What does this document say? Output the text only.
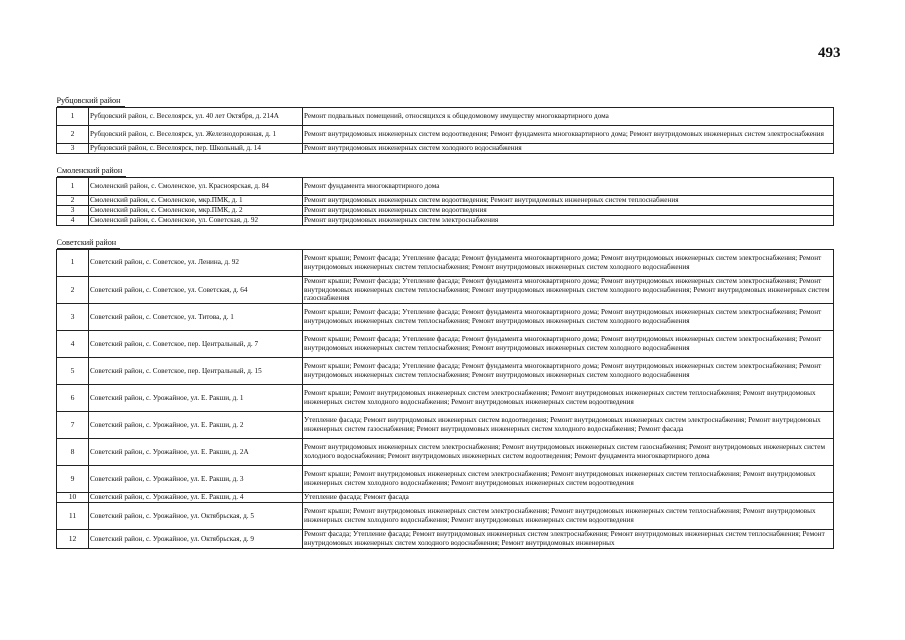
493
Рубцовский район		
1	Рубцовский район, с. Веселоярск, ул. 40 лет Октября, д. 214А	Ремонт подвальных помещений, относящихся к общедомовому имуществу многоквартирного дома
2	Рубцовский район, с. Веселоярск, ул. Железнодорожная, д. 1	Ремонт внутридомовых инженерных систем водоотведения; Ремонт фундамента многоквартирного дома; Ремонт внутридомовых инженерных систем электроснабжения
3	Рубцовский район, с. Веселоярск, пер. Школьный, д. 14	Ремонт внутридомовых инженерных систем холодного водоснабжения

Смоленский район		
1	Смоленский район, с. Смоленское, ул. Красноярская, д. 84	Ремонт фундамента многоквартирного дома
2	Смоленский район, с. Смоленское, мкр.ПМК, д. 1	Ремонт внутридомовых инженерных систем водоотведения; Ремонт внутридомовых инженерных систем теплоснабжения
3	Смоленский район, с. Смоленское, мкр.ПМК, д. 2	Ремонт внутридомовых инженерных систем водоотведения
4	Смоленский район, с. Смоленское, ул. Советская, д. 92	Ремонт внутридомовых инженерных систем электроснабжения

Советский район		
1	Советский район, с. Советское, ул. Ленина, д. 92	Ремонт крыши; Ремонт фасада; Утепление фасада; Ремонт фундамента многоквартирного дома; Ремонт внутридомовых инженерных систем электроснабжения; Ремонт внутридомовых инженерных систем теплоснабжения; Ремонт внутридомовых инженерных систем холодного водоснабжения
2	Советский район, с. Советское, ул. Советская, д. 64	Ремонт крыши; Ремонт фасада; Утепление фасада; Ремонт фундамента многоквартирного дома; Ремонт внутридомовых инженерных систем электроснабжения; Ремонт внутридомовых инженерных систем теплоснабжения; Ремонт внутридомовых инженерных систем холодного водоснабжения; Ремонт внутридомовых инженерных систем газоснабжения
3	Советский район, с. Советское, ул. Титова, д. 1	Ремонт крыши; Ремонт фасада; Утепление фасада; Ремонт фундамента многоквартирного дома; Ремонт внутридомовых инженерных систем электроснабжения; Ремонт внутридомовых инженерных систем теплоснабжения; Ремонт внутридомовых инженерных систем холодного водоснабжения
4	Советский район, с. Советское, пер. Центральный, д. 7	Ремонт крыши; Ремонт фасада; Утепление фасада; Ремонт фундамента многоквартирного дома; Ремонт внутридомовых инженерных систем электроснабжения; Ремонт внутридомовых инженерных систем теплоснабжения; Ремонт внутридомовых инженерных систем холодного водоснабжения
5	Советский район, с. Советское, пер. Центральный, д. 15	Ремонт крыши; Ремонт фасада; Утепление фасада; Ремонт фундамента многоквартирного дома; Ремонт внутридомовых инженерных систем электроснабжения; Ремонт внутридомовых инженерных систем теплоснабжения; Ремонт внутридомовых инженерных систем холодного водоснабжения
6	Советский район, с. Урожайное, ул. Е. Ракши, д. 1	Ремонт крыши; Ремонт внутридомовых инженерных систем электроснабжения; Ремонт внутридомовых инженерных систем теплоснабжения; Ремонт внутридомовых инженерных систем холодного водоснабжения; Ремонт внутридомовых инженерных систем водоотведения
7	Советский район, с. Урожайное, ул. Е. Ракши, д. 2	Утепление фасада; Ремонт внутридомовых инженерных систем водоотведения; Ремонт внутридомовых инженерных систем электроснабжения; Ремонт внутридомовых инженерных систем газоснабжения; Ремонт внутридомовых инженерных систем холодного водоснабжения; Ремонт фасада
8	Советский район, с. Урожайное, ул. Е. Ракши, д. 2А	Ремонт внутридомовых инженерных систем электроснабжения; Ремонт внутридомовых инженерных систем газоснабжения; Ремонт внутридомовых инженерных систем холодного водоснабжения; Ремонт внутридомовых инженерных систем водоотведения; Ремонт фундамента многоквартирного дома
9	Советский район, с. Урожайное, ул. Е. Ракши, д. 3	Ремонт крыши; Ремонт внутридомовых инженерных систем электроснабжения; Ремонт внутридомовых инженерных систем теплоснабжения; Ремонт внутридомовых инженерных систем холодного водоснабжения; Ремонт внутридомовых инженерных систем водоотведения
10	Советский район, с. Урожайное, ул. Е. Ракши, д. 4	Утепление фасада; Ремонт фасада
11	Советский район, с. Урожайное, ул. Октябрьская, д. 5	Ремонт крыши; Ремонт внутридомовых инженерных систем электроснабжения; Ремонт внутридомовых инженерных систем теплоснабжения; Ремонт внутридомовых инженерных систем холодного водоснабжения; Ремонт внутридомовых инженерных систем водоотведения
12	Советский район, с. Урожайное, ул. Октябрьская, д. 9	Ремонт фасада; Утепление фасада; Ремонт внутридомовых инженерных систем электроснабжения; Ремонт внутридомовых инженерных систем теплоснабжения; Ремонт внутридомовых инженерных систем холодного водоснабжения; Ремонт внутридомовых инженерных
